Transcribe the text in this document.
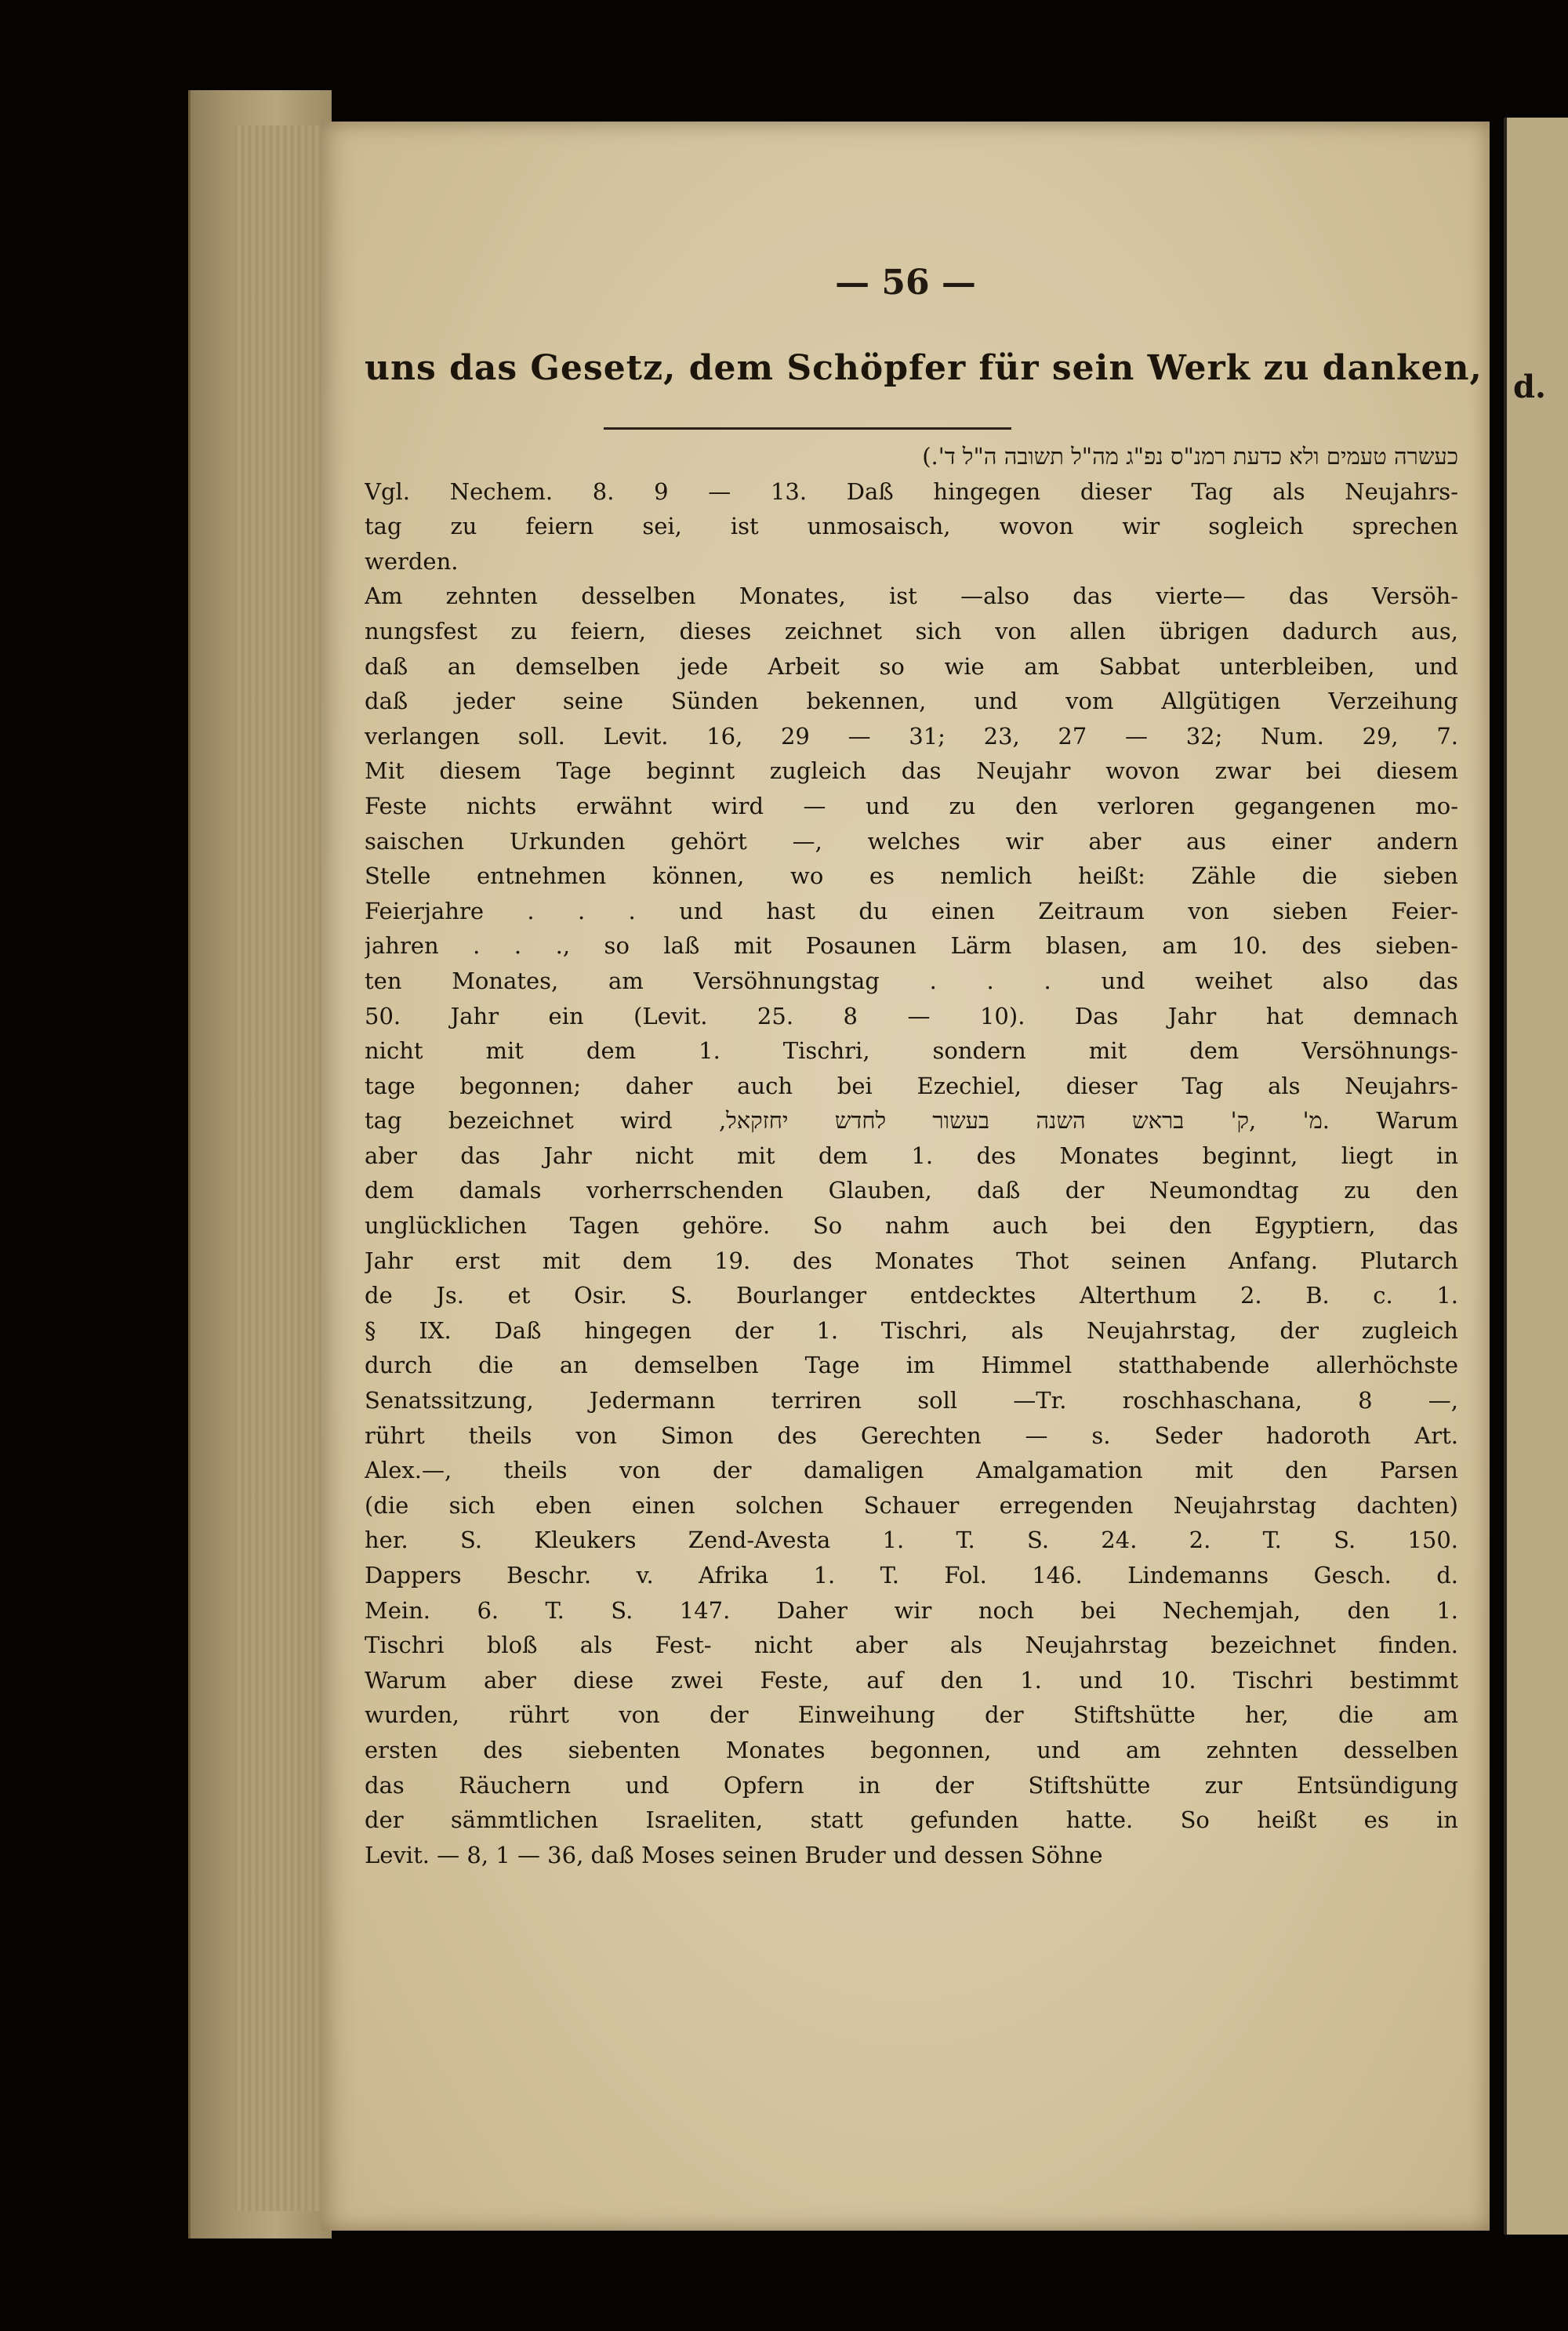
d.
— 56 —
uns das Gesetz, dem Schöpfer für sein Werk zu danken,
כעשרה טעמים ולא כדעת רמנ"ס נפ"ג מה"ל תשובה ה"ל ד'.)
Vgl. Nechem. 8. 9 — 13. Daß hingegen dieser Tag als Neujahrs-
tag zu feiern sei, ist unmosaisch, wovon wir sogleich sprechen
werden.
Am zehnten desselben Monates, ist —also das vierte— das Versöh-
nungsfest zu feiern, dieses zeichnet sich von allen übrigen dadurch aus,
daß an demselben jede Arbeit so wie am Sabbat unterbleiben, und
daß jeder seine Sünden bekennen, und vom Allgütigen Verzeihung
verlangen soll. Levit. 16, 29 — 31; 23, 27 — 32; Num. 29, 7.
Mit diesem Tage beginnt zugleich das Neujahr wovon zwar bei diesem
Feste nichts erwähnt wird — und zu den verloren gegangenen mo-
saischen Urkunden gehört —, welches wir aber aus einer andern
Stelle entnehmen können, wo es nemlich heißt: Zähle die sieben
Feierjahre . . . und hast du einen Zeitraum von sieben Feier-
jahren . . ., so laß mit Posaunen Lärm blasen, am 10. des sieben-
ten Monates, am Versöhnungstag . . . und weihet also das
50. Jahr ein (Levit. 25. 8 — 10). Das Jahr hat demnach
nicht mit dem 1. Tischri, sondern mit dem Versöhnungs-
tage begonnen; daher auch bei Ezechiel, dieser Tag als Neujahrs-
tag bezeichnet wird ,מ' ,ק' בראש השנה בעשור לחדש יחזקאל. Warum
aber das Jahr nicht mit dem 1. des Monates beginnt, liegt in
dem damals vorherrschenden Glauben, daß der Neumondtag zu den
unglücklichen Tagen gehöre. So nahm auch bei den Egyptiern, das
Jahr erst mit dem 19. des Monates Thot seinen Anfang. Plutarch
de Js. et Osir. S. Bourlanger entdecktes Alterthum 2. B. c. 1.
§ IX. Daß hingegen der 1. Tischri, als Neujahrstag, der zugleich
durch die an demselben Tage im Himmel statthabende allerhöchste
Senatssitzung, Jedermann terriren soll —Tr. roschhaschana, 8 —,
rührt theils von Simon des Gerechten — s. Seder hadoroth Art.
Alex.—, theils von der damaligen Amalgamation mit den Parsen
(die sich eben einen solchen Schauer erregenden Neujahrstag dachten)
her. S. Kleukers Zend-Avesta 1. T. S. 24. 2. T. S. 150.
Dappers Beschr. v. Afrika 1. T. Fol. 146. Lindemanns Gesch. d.
Mein. 6. T. S. 147. Daher wir noch bei Nechemjah, den 1.
Tischri bloß als Fest- nicht aber als Neujahrstag bezeichnet finden.
Warum aber diese zwei Feste, auf den 1. und 10. Tischri bestimmt
wurden, rührt von der Einweihung der Stiftshütte her, die am
ersten des siebenten Monates begonnen, und am zehnten desselben
das Räuchern und Opfern in der Stiftshütte zur Entsündigung
der sämmtlichen Israeliten, statt gefunden hatte. So heißt es in
Levit. — 8, 1 — 36, daß Moses seinen Bruder und dessen Söhne
